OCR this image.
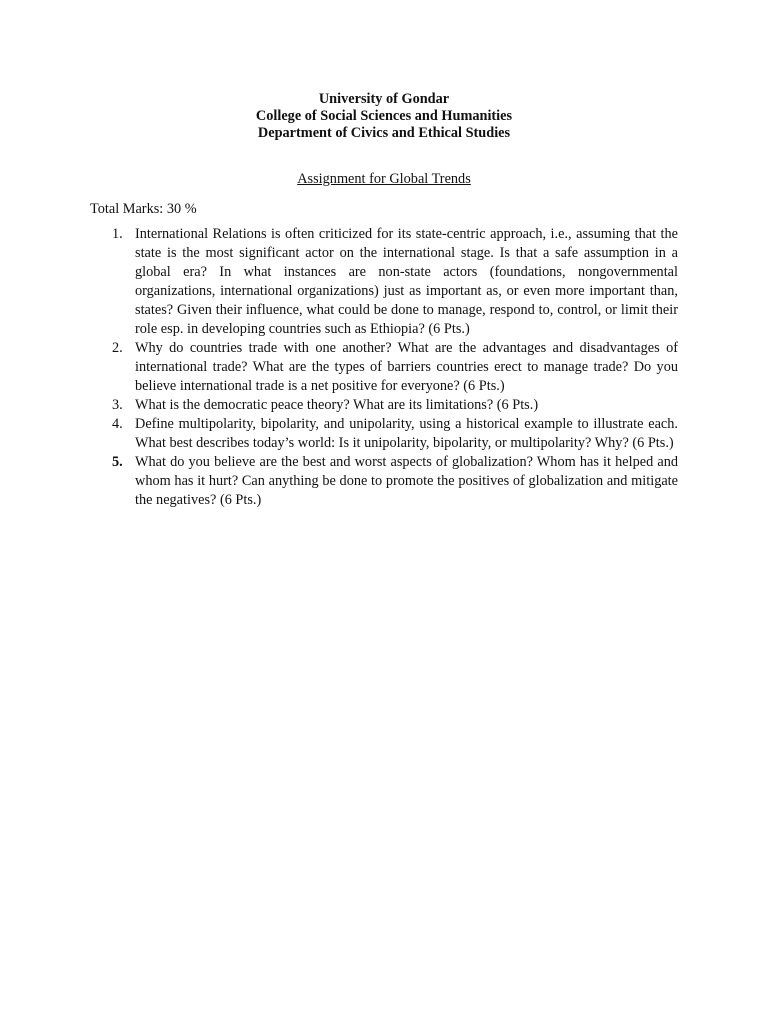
University of Gondar
College of Social Sciences and Humanities
Department of Civics and Ethical Studies
Assignment for Global Trends
Total Marks: 30 %
1. International Relations is often criticized for its state-centric approach, i.e., assuming that the state is the most significant actor on the international stage. Is that a safe assumption in a global era? In what instances are non-state actors (foundations, nongovernmental organizations, international organizations) just as important as, or even more important than, states? Given their influence, what could be done to manage, respond to, control, or limit their role esp. in developing countries such as Ethiopia? (6 Pts.)
2. Why do countries trade with one another? What are the advantages and disadvantages of international trade? What are the types of barriers countries erect to manage trade? Do you believe international trade is a net positive for everyone? (6 Pts.)
3. What is the democratic peace theory? What are its limitations? (6 Pts.)
4. Define multipolarity, bipolarity, and unipolarity, using a historical example to illustrate each. What best describes today’s world: Is it unipolarity, bipolarity, or multipolarity? Why? (6 Pts.)
5. What do you believe are the best and worst aspects of globalization? Whom has it helped and whom has it hurt? Can anything be done to promote the positives of globalization and mitigate the negatives? (6 Pts.)
